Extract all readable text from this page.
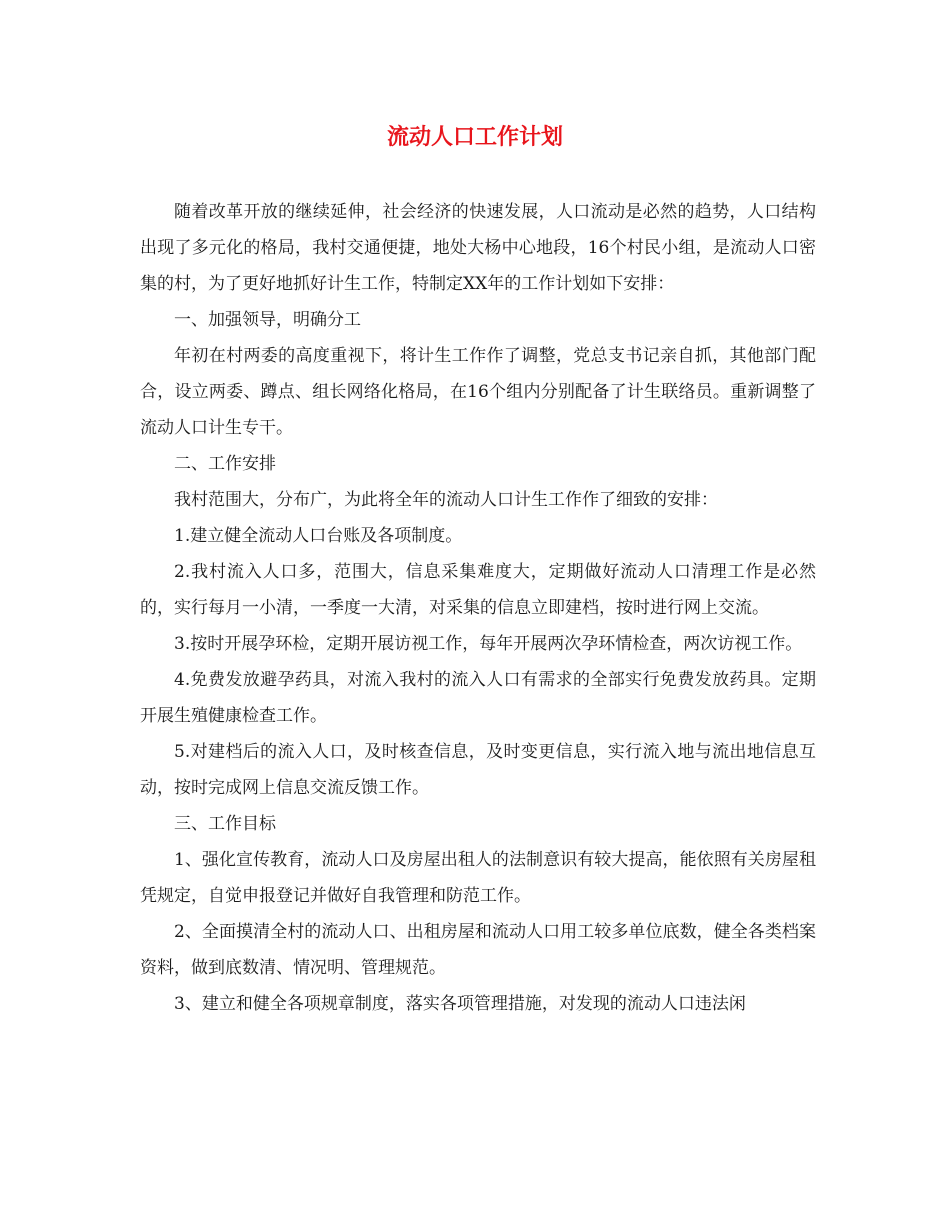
流动人口工作计划

随着改革开放的继续延伸，社会经济的快速发展，人口流动是必然的趋势，人口结构出现了多元化的格局，我村交通便捷，地处大杨中心地段，16个村民小组，是流动人口密集的村，为了更好地抓好计生工作，特制定XX年的工作计划如下安排：

一、加强领导，明确分工

年初在村两委的高度重视下，将计生工作作了调整，党总支书记亲自抓，其他部门配合，设立两委、蹲点、组长网络化格局，在16个组内分别配备了计生联络员。重新调整了流动人口计生专干。

二、工作安排

我村范围大，分布广，为此将全年的流动人口计生工作作了细致的安排：

1.建立健全流动人口台账及各项制度。

2.我村流入人口多，范围大，信息采集难度大，定期做好流动人口清理工作是必然的，实行每月一小清，一季度一大清，对采集的信息立即建档，按时进行网上交流。

3.按时开展孕环检，定期开展访视工作，每年开展两次孕环情检查，两次访视工作。

4.免费发放避孕药具，对流入我村的流入人口有需求的全部实行免费发放药具。定期开展生殖健康检查工作。

5.对建档后的流入人口，及时核查信息，及时变更信息，实行流入地与流出地信息互动，按时完成网上信息交流反馈工作。

三、工作目标

1、强化宣传教育，流动人口及房屋出租人的法制意识有较大提高，能依照有关房屋租凭规定，自觉申报登记并做好自我管理和防范工作。

2、全面摸清全村的流动人口、出租房屋和流动人口用工较多单位底数，健全各类档案资料，做到底数清、情况明、管理规范。

3、建立和健全各项规章制度，落实各项管理措施，对发现的流动人口违法闲
